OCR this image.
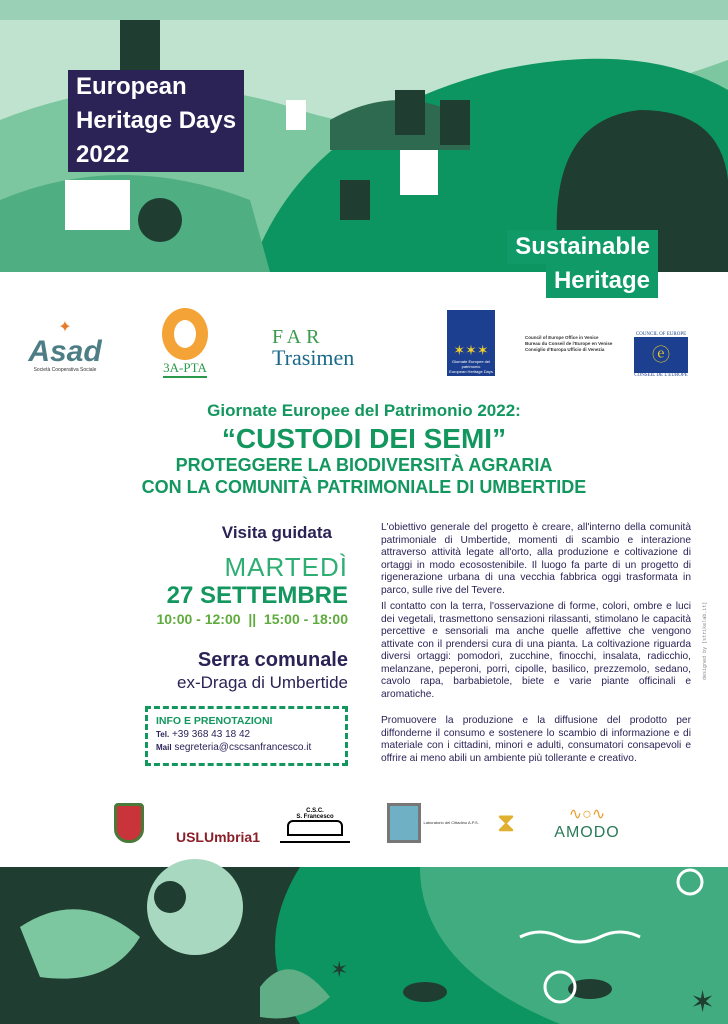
European
Heritage Days
2022
Sustainable
Heritage
✦
Asad
Società Cooperativa Sociale	3A-PTA
FAR
Trasimen	✶✶✶
Giornate Europee del patrimonio
European Heritage Days
Council of Europe Office in Venice
Bureau du Conseil de l'Europe en Venise
Consiglio d'Europa Ufficio di Venezia
COUNCIL OF EUROPE
ⓔ
CONSEIL DE L'EUROPE
Giornate Europee del Patrimonio 2022:
“CUSTODI DEI SEMI”
PROTEGGERE LA BIODIVERSITÀ AGRARIA
CON LA COMUNITÀ PATRIMONIALE DI UMBERTIDE
Visita guidata
MARTEDÌ
27 SETTEMBRE
10:00 - 12:00  ||  15:00 - 18:00
Serra comunale
ex-Draga di Umbertide
INFO E PRENOTAZIONI
Tel. +39 368 43 18 42
Mail segreteria@cscsanfrancesco.it

L'obiettivo generale del progetto è creare, all'interno della comunità patrimoniale di Umbertide, momenti di scambio e interazione attraverso attività legate all'orto, alla produzione e coltivazione di ortaggi in modo ecosostenibile. Il luogo fa parte di un progetto di rigenerazione urbana di una vecchia fabbrica oggi trasformata in parco, sulle rive del Tevere.

Il contatto con la terra, l'osservazione di forme, colori, ombre e luci dei vegetali, trasmettono sensazioni rilassanti, stimolano le capacità percettive e sensoriali ma anche quelle affettive che vengono attivate con il prendersi cura di una pianta. La coltivazione riguarda diversi ortaggi: pomodori, zucchine, finocchi, insalata, radicchio, melanzane, peperoni, porri, cipolle, basilico, prezzemolo, sedano, cavolo rapa, barbabietole, biete e varie piante officinali e aromatiche.

Promuovere la produzione e la diffusione del prodotto per diffonderne il consumo e sostenere lo scambio di informazione e di materiale con i cittadini, minori e adulti, consumatori consapevoli e offrire ai meno abili un ambiente più tollerante e creativo.

designed by [strikelab.it]
USLUmbria1
C.S.C.
S. Francesco
Laboratorio del Cittadino A.P.S. ⧗	∿○∿
AMODO
✶
✶
